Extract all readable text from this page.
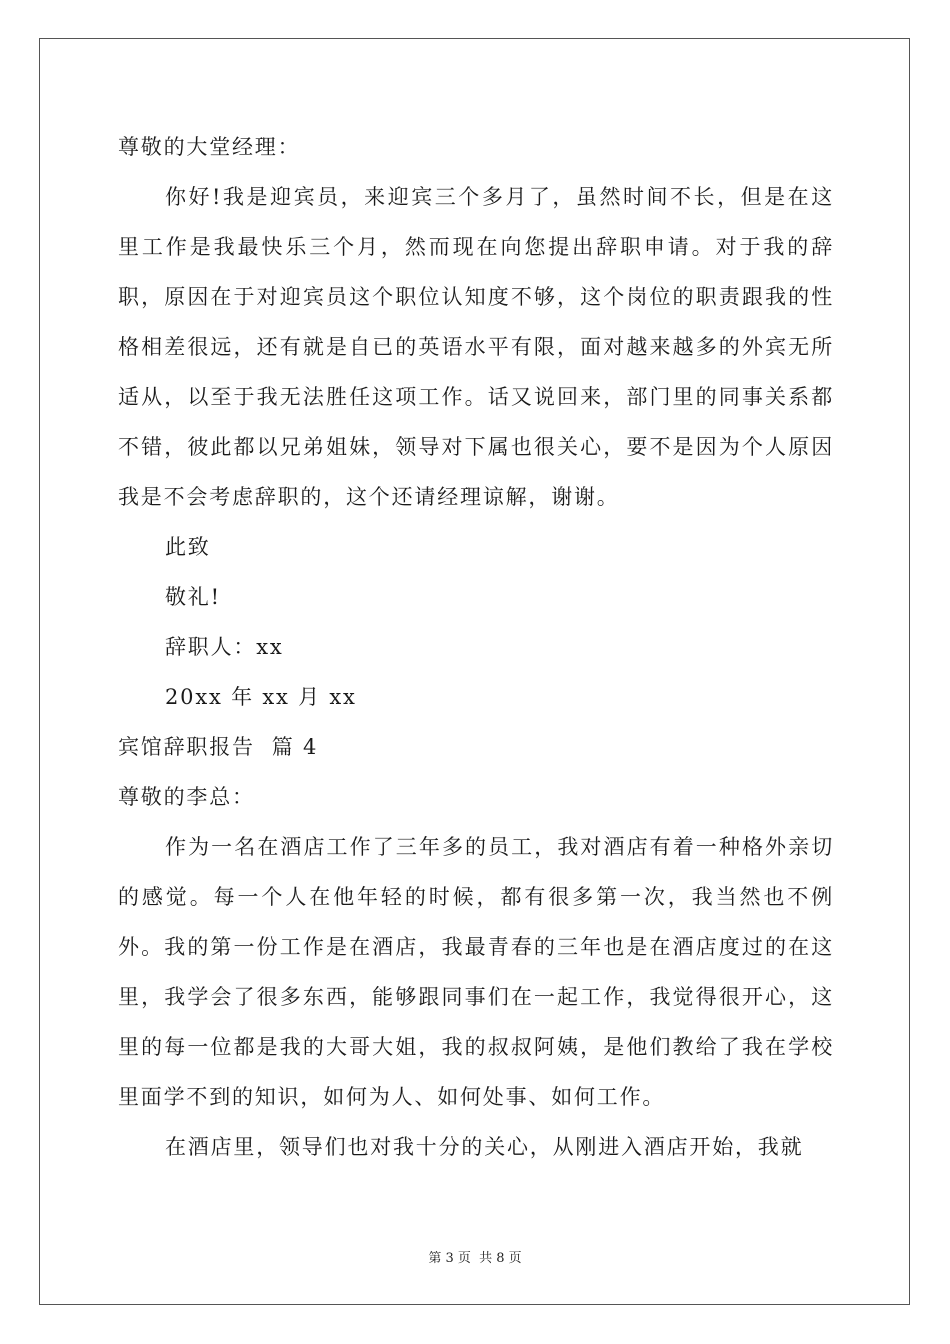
尊敬的大堂经理：

你好!我是迎宾员，来迎宾三个多月了，虽然时间不长，但是在这里工作是我最快乐三个月，然而现在向您提出辞职申请。对于我的辞职，原因在于对迎宾员这个职位认知度不够，这个岗位的职责跟我的性格相差很远，还有就是自已的英语水平有限，面对越来越多的外宾无所适从，以至于我无法胜任这项工作。话又说回来，部门里的同事关系都不错，彼此都以兄弟姐妹，领导对下属也很关心，要不是因为个人原因我是不会考虑辞职的，这个还请经理谅解，谢谢。

此致
敬礼!
辞职人：xx
20xx 年 xx 月 xx
宾馆辞职报告  篇 4
尊敬的李总：

作为一名在酒店工作了三年多的员工，我对酒店有着一种格外亲切的感觉。每一个人在他年轻的时候，都有很多第一次，我当然也不例外。我的第一份工作是在酒店，我最青春的三年也是在酒店度过的在这里，我学会了很多东西，能够跟同事们在一起工作，我觉得很开心，这里的每一位都是我的大哥大姐，我的叔叔阿姨，是他们教给了我在学校里面学不到的知识，如何为人、如何处事、如何工作。

在酒店里，领导们也对我十分的关心，从刚进入酒店开始，我就

第 3 页 共 8 页
